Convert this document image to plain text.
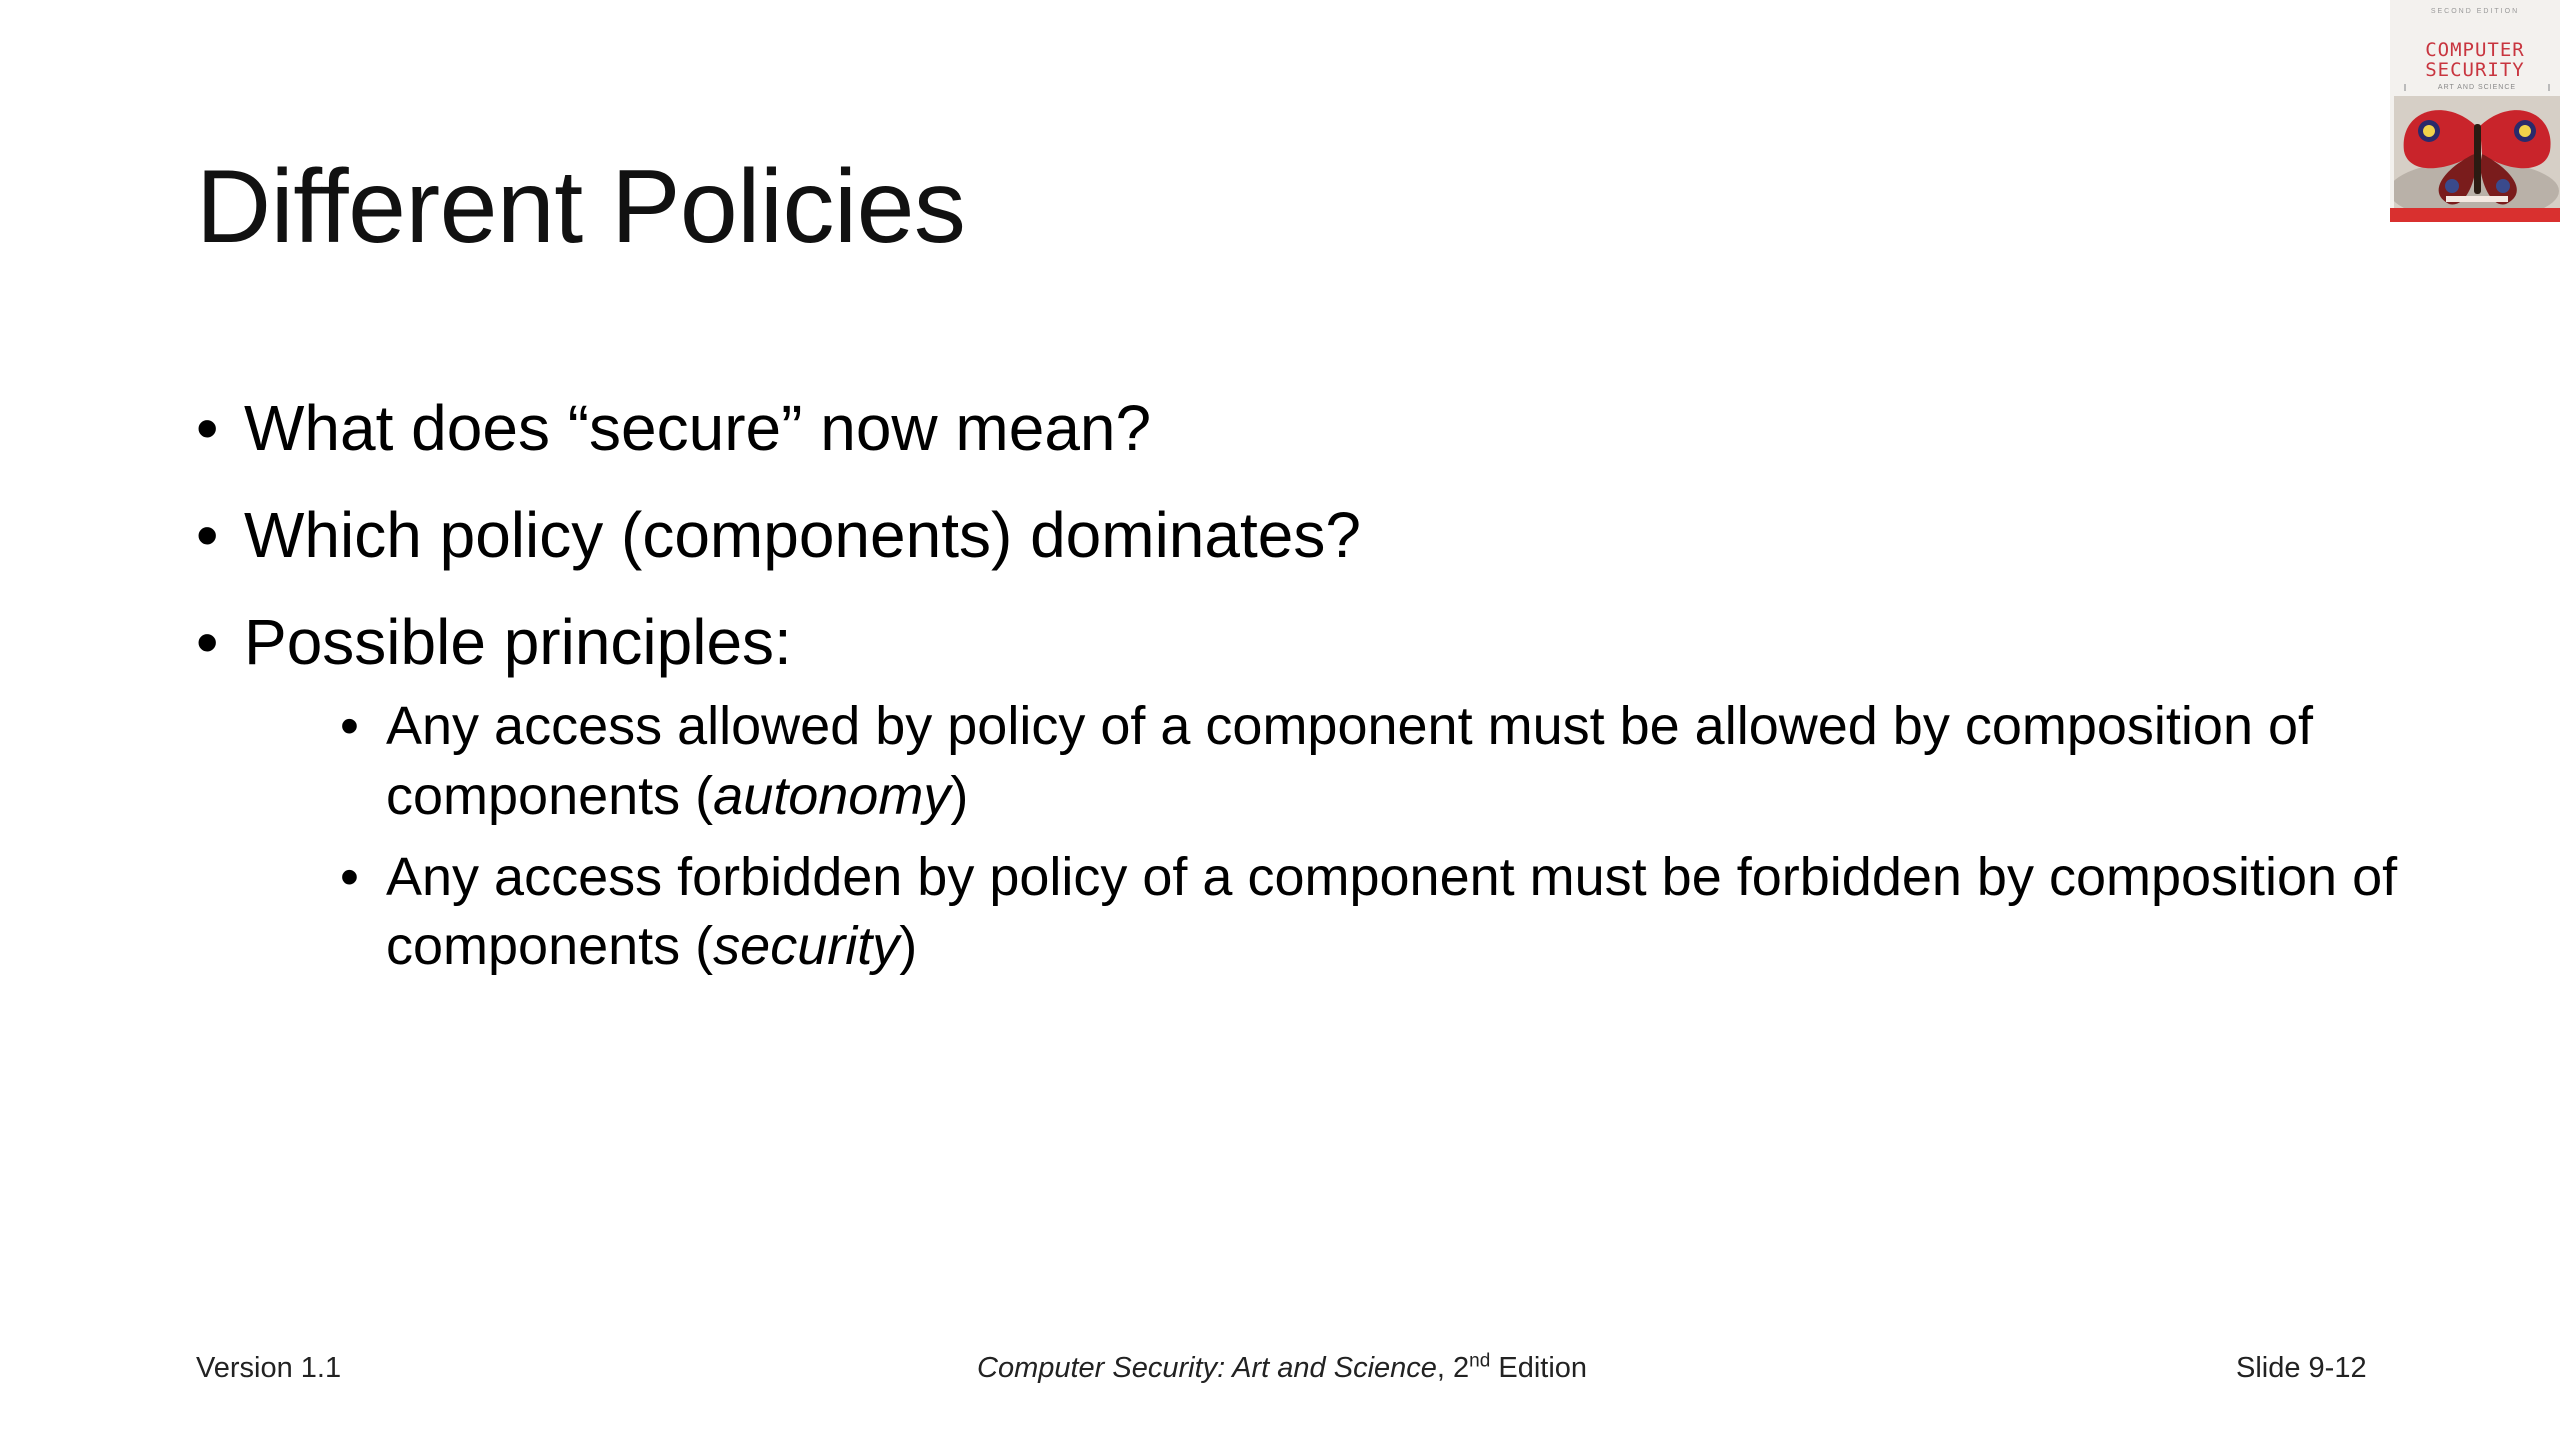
Different Policies
• What does “secure” now mean?
• Which policy (components) dominates?
• Possible principles:
• Any access allowed by policy of a component must be allowed by composition of components (autonomy)
• Any access forbidden by policy of a component must be forbidden by composition of components (security)
Version 1.1	Computer Security: Art and Science, 2nd Edition	Slide 9-12
SECOND EDITION
COMPUTER
SECURITY
ART AND SCIENCE
